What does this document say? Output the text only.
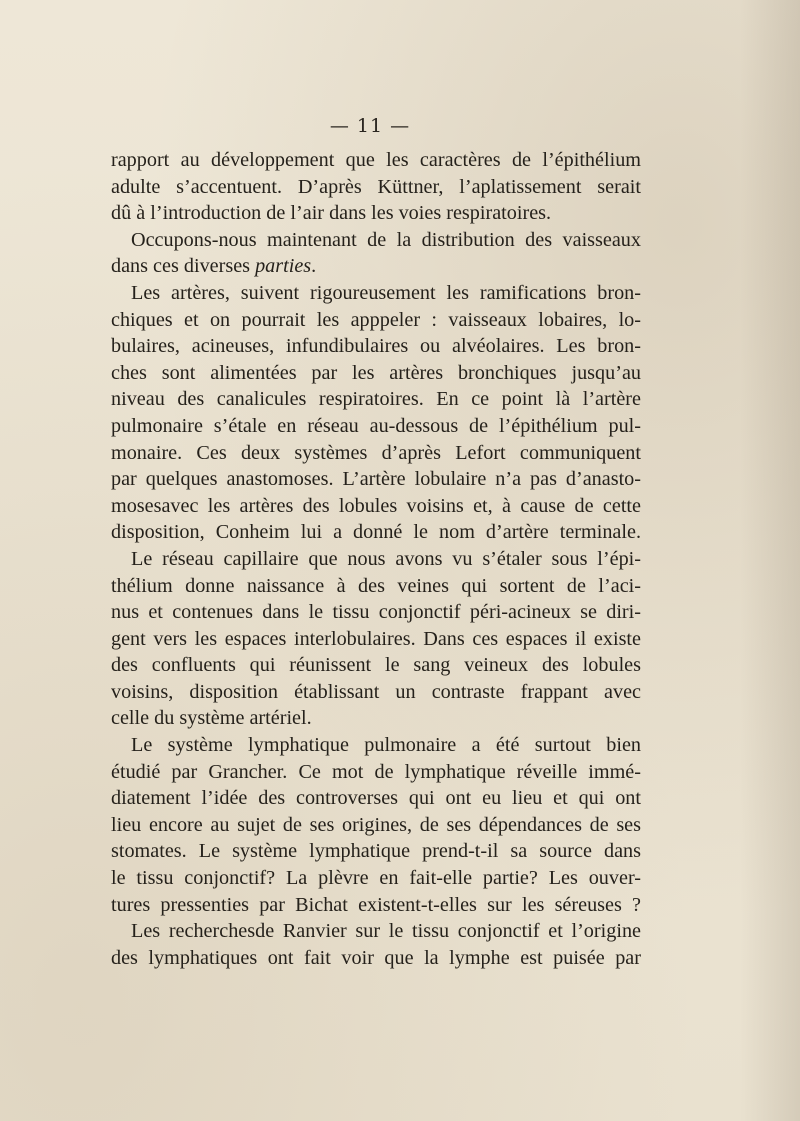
— 11 —
rapport au développement que les caractères de l’épithélium
adulte s’accentuent. D’après Küttner, l’aplatissement serait
dû à l’introduction de l’air dans les voies respiratoires.
Occupons-nous maintenant de la distribution des vaisseaux
dans ces diverses parties.
Les artères, suivent rigoureusement les ramifications bron-
chiques et on pourrait les apppeler : vaisseaux lobaires, lo-
bulaires, acineuses, infundibulaires ou alvéolaires. Les bron-
ches sont alimentées par les artères bronchiques jusqu’au
niveau des canalicules respiratoires. En ce point là l’artère
pulmonaire s’étale en réseau au-dessous de l’épithélium pul-
monaire. Ces deux systèmes d’après Lefort communiquent
par quelques anastomoses. L’artère lobulaire n’a pas d’anasto-
mosesavec les artères des lobules voisins et, à cause de cette
disposition, Conheim lui a donné le nom d’artère terminale.
Le réseau capillaire que nous avons vu s’étaler sous l’épi-
thélium donne naissance à des veines qui sortent de l’aci-
nus et contenues dans le tissu conjonctif péri-acineux se diri-
gent vers les espaces interlobulaires. Dans ces espaces il existe
des confluents qui réunissent le sang veineux des lobules
voisins, disposition établissant un contraste frappant avec
celle du système artériel.
Le système lymphatique pulmonaire a été surtout bien
étudié par Grancher. Ce mot de lymphatique réveille immé-
diatement l’idée des controverses qui ont eu lieu et qui ont
lieu encore au sujet de ses origines, de ses dépendances de ses
stomates. Le système lymphatique prend-t-il sa source dans
le tissu conjonctif? La plèvre en fait-elle partie? Les ouver-
tures pressenties par Bichat existent-t-elles sur les séreuses ?
Les recherchesde Ranvier sur le tissu conjonctif et l’origine
des lymphatiques ont fait voir que la lymphe est puisée par
